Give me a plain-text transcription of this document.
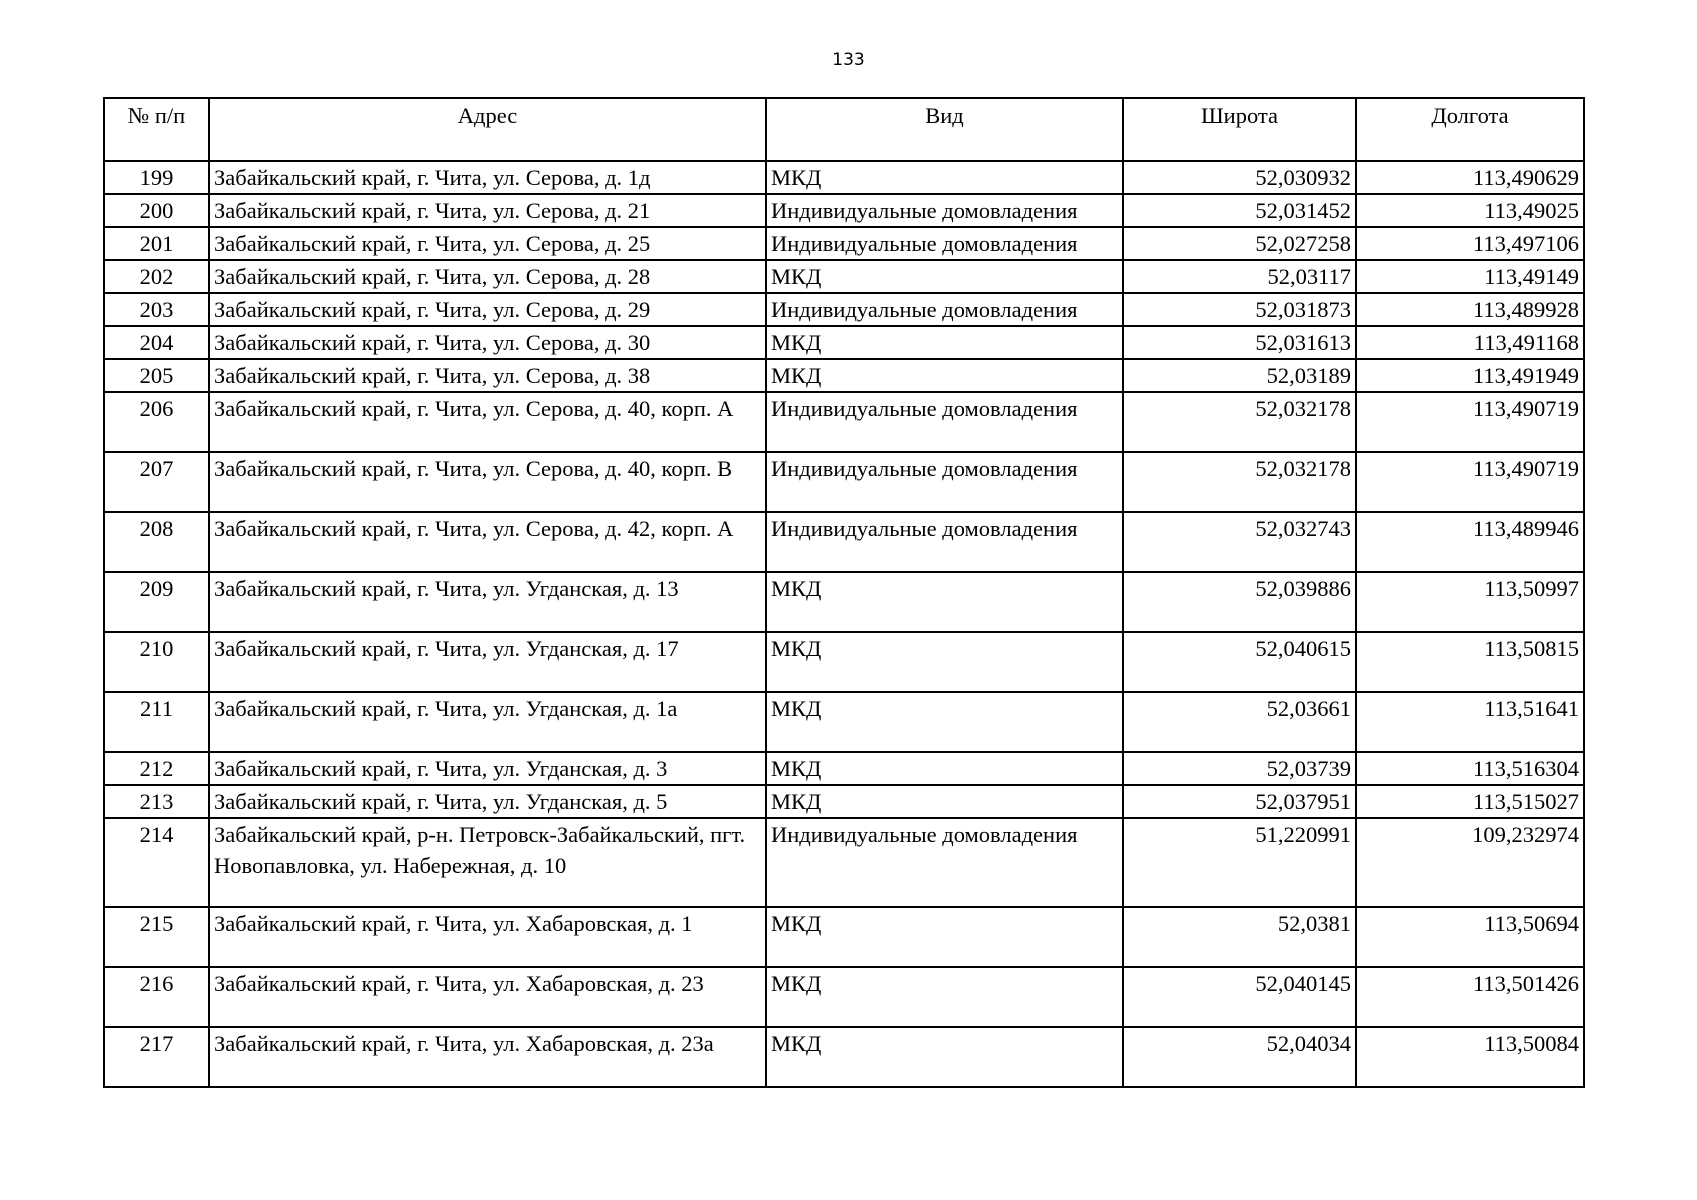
133
№ п/п	Адрес	Вид	Широта	Долгота
199	Забайкальский край, г. Чита, ул. Серова, д. 1д	МКД	52,030932	113,490629
200	Забайкальский край, г. Чита, ул. Серова, д. 21	Индивидуальные домовладения	52,031452	113,49025
201	Забайкальский край, г. Чита, ул. Серова, д. 25	Индивидуальные домовладения	52,027258	113,497106
202	Забайкальский край, г. Чита, ул. Серова, д. 28	МКД	52,03117	113,49149
203	Забайкальский край, г. Чита, ул. Серова, д. 29	Индивидуальные домовладения	52,031873	113,489928
204	Забайкальский край, г. Чита, ул. Серова, д. 30	МКД	52,031613	113,491168
205	Забайкальский край, г. Чита, ул. Серова, д. 38	МКД	52,03189	113,491949
206	Забайкальский край, г. Чита, ул. Серова, д. 40, корп. А	Индивидуальные домовладения	52,032178	113,490719
207	Забайкальский край, г. Чита, ул. Серова, д. 40, корп. В	Индивидуальные домовладения	52,032178	113,490719
208	Забайкальский край, г. Чита, ул. Серова, д. 42, корп. А	Индивидуальные домовладения	52,032743	113,489946
209	Забайкальский край, г. Чита, ул. Угданская, д. 13	МКД	52,039886	113,50997
210	Забайкальский край, г. Чита, ул. Угданская, д. 17	МКД	52,040615	113,50815
211	Забайкальский край, г. Чита, ул. Угданская, д. 1а	МКД	52,03661	113,51641
212	Забайкальский край, г. Чита, ул. Угданская, д. 3	МКД	52,03739	113,516304
213	Забайкальский край, г. Чита, ул. Угданская, д. 5	МКД	52,037951	113,515027
214	Забайкальский край, р-н. Петровск-Забайкальский, пгт. Новопавловка, ул. Набережная, д. 10	Индивидуальные домовладения	51,220991	109,232974
215	Забайкальский край, г. Чита, ул. Хабаровская, д. 1	МКД	52,0381	113,50694
216	Забайкальский край, г. Чита, ул. Хабаровская, д. 23	МКД	52,040145	113,501426
217	Забайкальский край, г. Чита, ул. Хабаровская, д. 23а	МКД	52,04034	113,50084
